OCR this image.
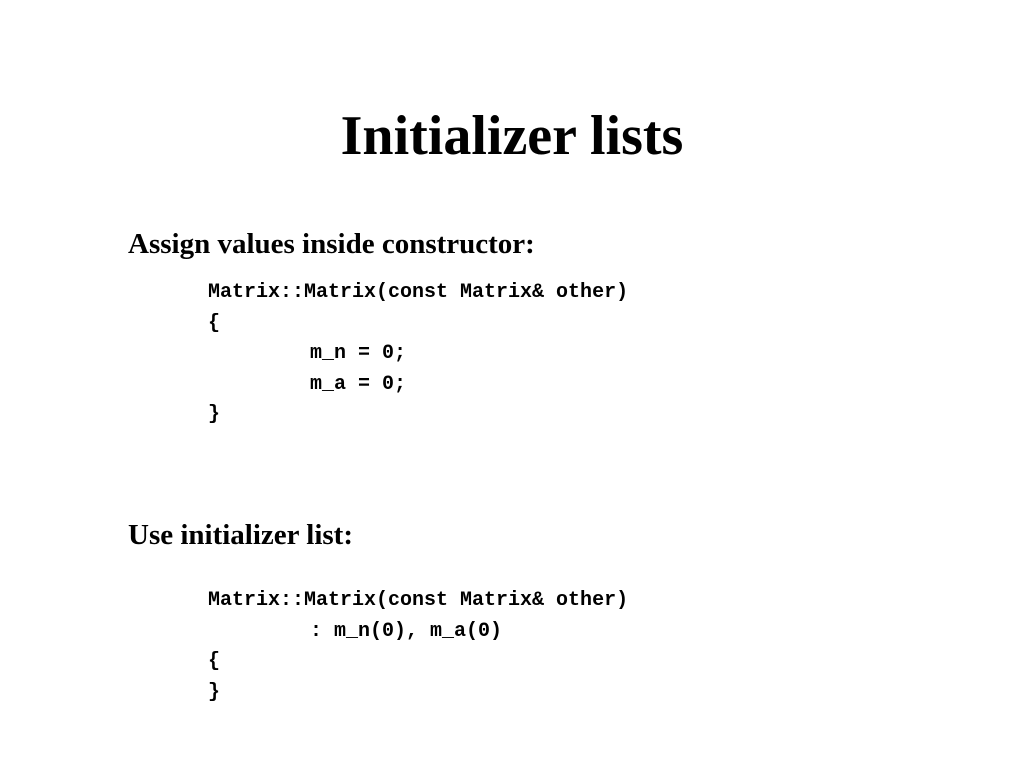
Initializer lists
Assign values inside constructor:
Matrix::Matrix(const Matrix& other)
{
m_n = 0;
m_a = 0;
}
Use initializer list:
Matrix::Matrix(const Matrix& other)
: m_n(0), m_a(0)
{
}
